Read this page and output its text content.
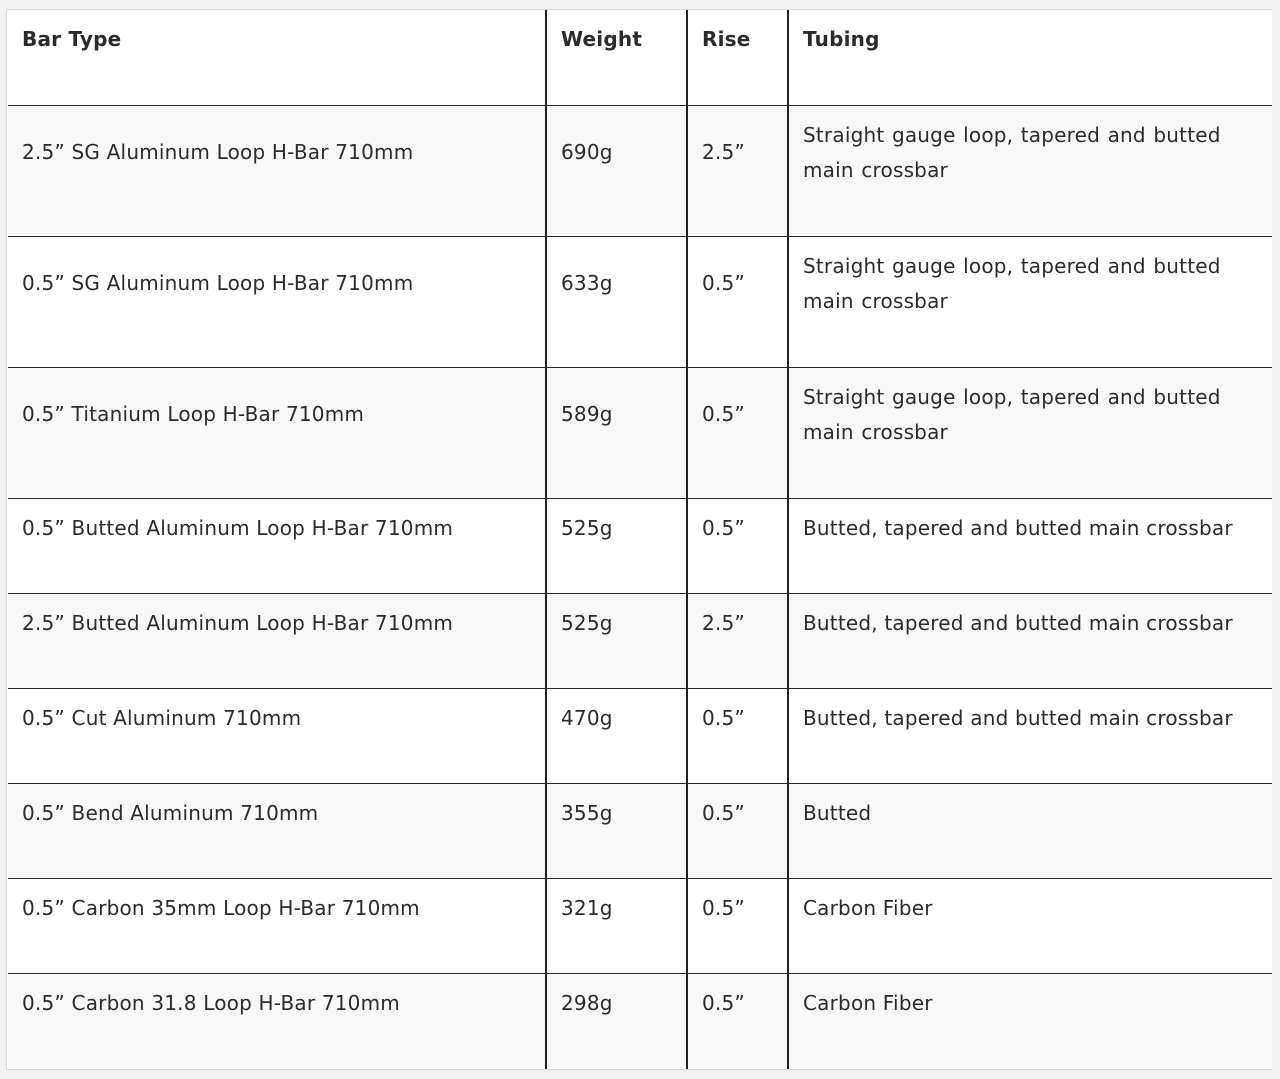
Bar Type	Weight	Rise	Tubing
2.5” SG Aluminum Loop H-Bar 710mm	690g	2.5”	Straight gauge loop, tapered and butted main crossbar
0.5” SG Aluminum Loop H-Bar 710mm	633g	0.5”	Straight gauge loop, tapered and butted main crossbar
0.5” Titanium Loop H-Bar 710mm	589g	0.5”	Straight gauge loop, tapered and butted main crossbar
0.5” Butted Aluminum Loop H-Bar 710mm	525g	0.5”	Butted, tapered and butted main crossbar
2.5” Butted Aluminum Loop H-Bar 710mm	525g	2.5”	Butted, tapered and butted main crossbar
0.5” Cut Aluminum 710mm	470g	0.5”	Butted, tapered and butted main crossbar
0.5” Bend Aluminum 710mm	355g	0.5”	Butted
0.5” Carbon 35mm Loop H-Bar 710mm	321g	0.5”	Carbon Fiber
0.5” Carbon 31.8 Loop H-Bar 710mm	298g	0.5”	Carbon Fiber
